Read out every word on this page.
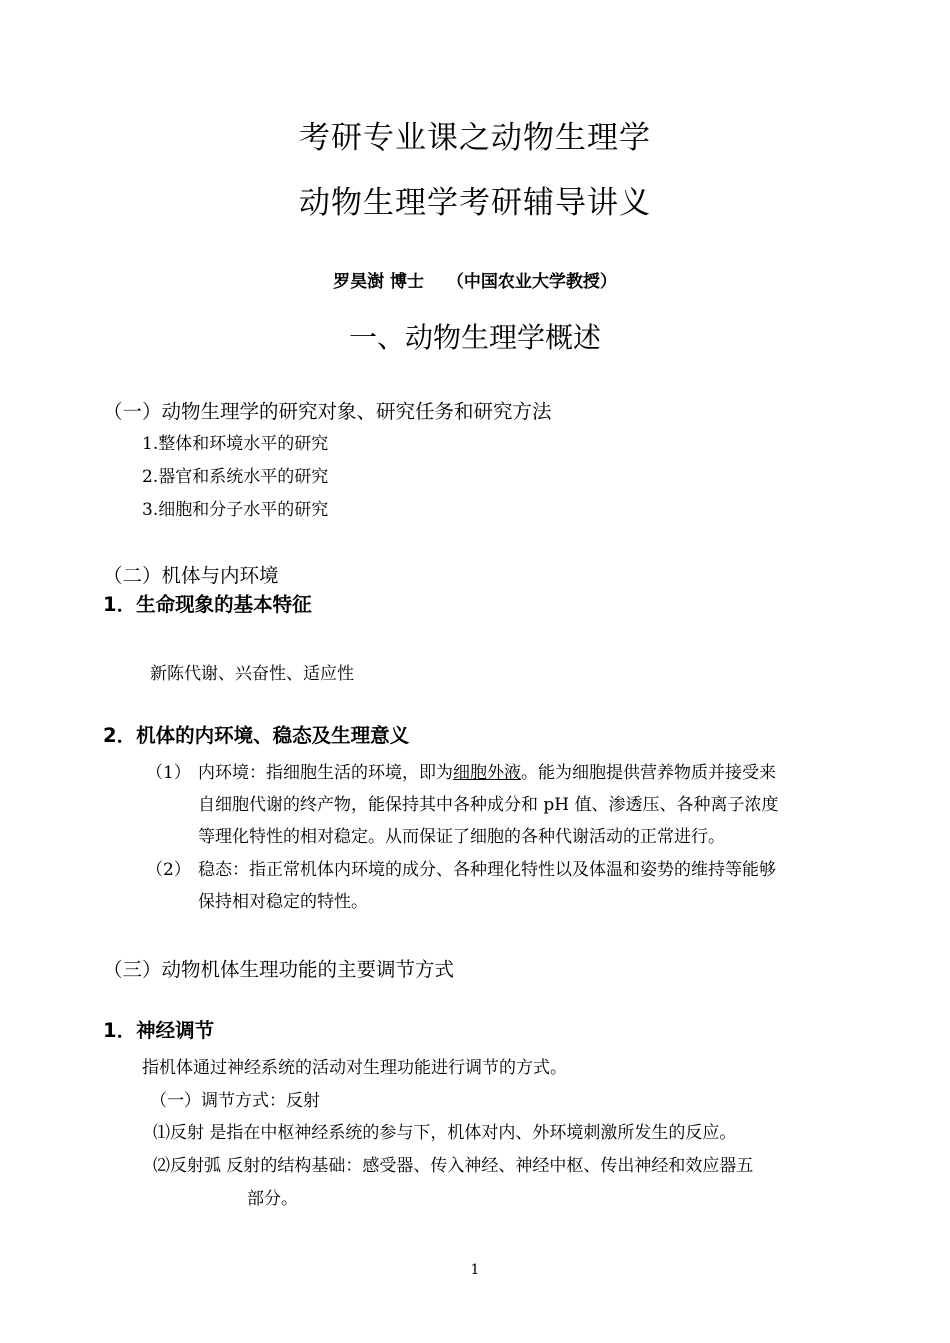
考研专业课之动物生理学
动物生理学考研辅导讲义
罗昊澍 博士　 （中国农业大学教授）
一、动物生理学概述
（一）动物生理学的研究对象、研究任务和研究方法
1.整体和环境水平的研究
2.器官和系统水平的研究
3.细胞和分子水平的研究
（二）机体与内环境
1．生命现象的基本特征
新陈代谢、兴奋性、适应性
2．机体的内环境、稳态及生理意义
（1） 内环境：指细胞生活的环境，即为细胞外液。能为细胞提供营养物质并接受来
自细胞代谢的终产物，能保持其中各种成分和 pH 值、渗透压、各种离子浓度
等理化特性的相对稳定。从而保证了细胞的各种代谢活动的正常进行。
（2） 稳态：指正常机体内环境的成分、各种理化特性以及体温和姿势的维持等能够
保持相对稳定的特性。
（三）动物机体生理功能的主要调节方式
1．神经调节
指机体通过神经系统的活动对生理功能进行调节的方式。
（一）调节方式：反射
⑴反射 是指在中枢神经系统的参与下，机体对内、外环境刺激所发生的反应。
⑵反射弧 反射的结构基础：感受器、传入神经、神经中枢、传出神经和效应器五
部分。
1
